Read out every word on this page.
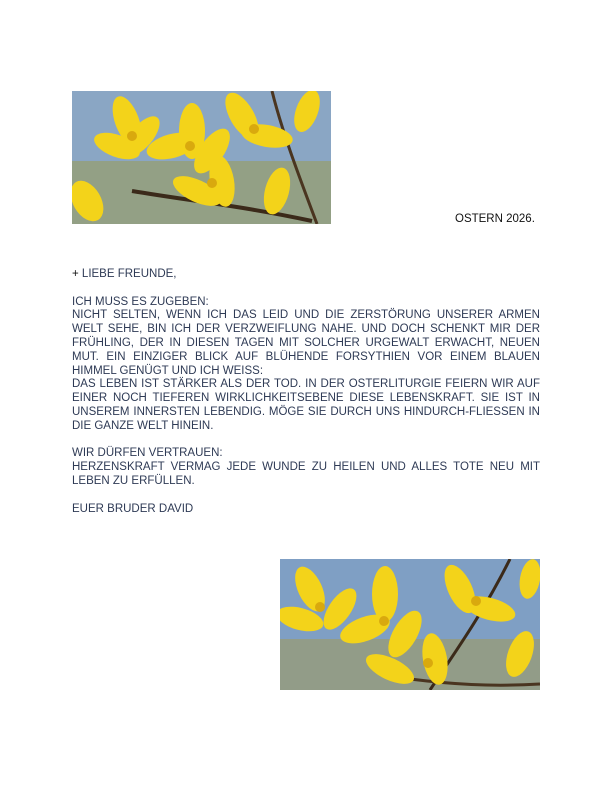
OSTERN 2026.

+ LIEBE FREUNDE,

ICH MUSS ES ZUGEBEN:

NICHT SELTEN, WENN ICH DAS LEID UND DIE ZERSTÖRUNG UNSERER ARMEN WELT SEHE, BIN ICH DER VERZWEIFLUNG NAHE. UND DOCH SCHENKT MIR DER FRÜHLING, DER IN DIESEN TAGEN MIT SOLCHER URGEWALT ERWACHT, NEUEN MUT. EIN EINZIGER BLICK AUF BLÜHENDE FORSYTHIEN VOR EINEM BLAUEN HIMMEL GENÜGT UND ICH WEISS:

DAS LEBEN IST STÄRKER ALS DER TOD. IN DER OSTERLITURGIE FEIERN WIR AUF EINER NOCH TIEFEREN WIRKLICHKEITSEBENE DIESE LEBENSKRAFT. SIE IST IN UNSEREM INNERSTEN LEBENDIG. MÖGE SIE DURCH UNS HINDURCH-FLIESSEN IN DIE GANZE WELT HINEIN.

WIR DÜRFEN VERTRAUEN:

HERZENSKRAFT VERMAG JEDE WUNDE ZU HEILEN UND ALLES TOTE NEU MIT LEBEN ZU ERFÜLLEN.

EUER BRUDER DAVID
